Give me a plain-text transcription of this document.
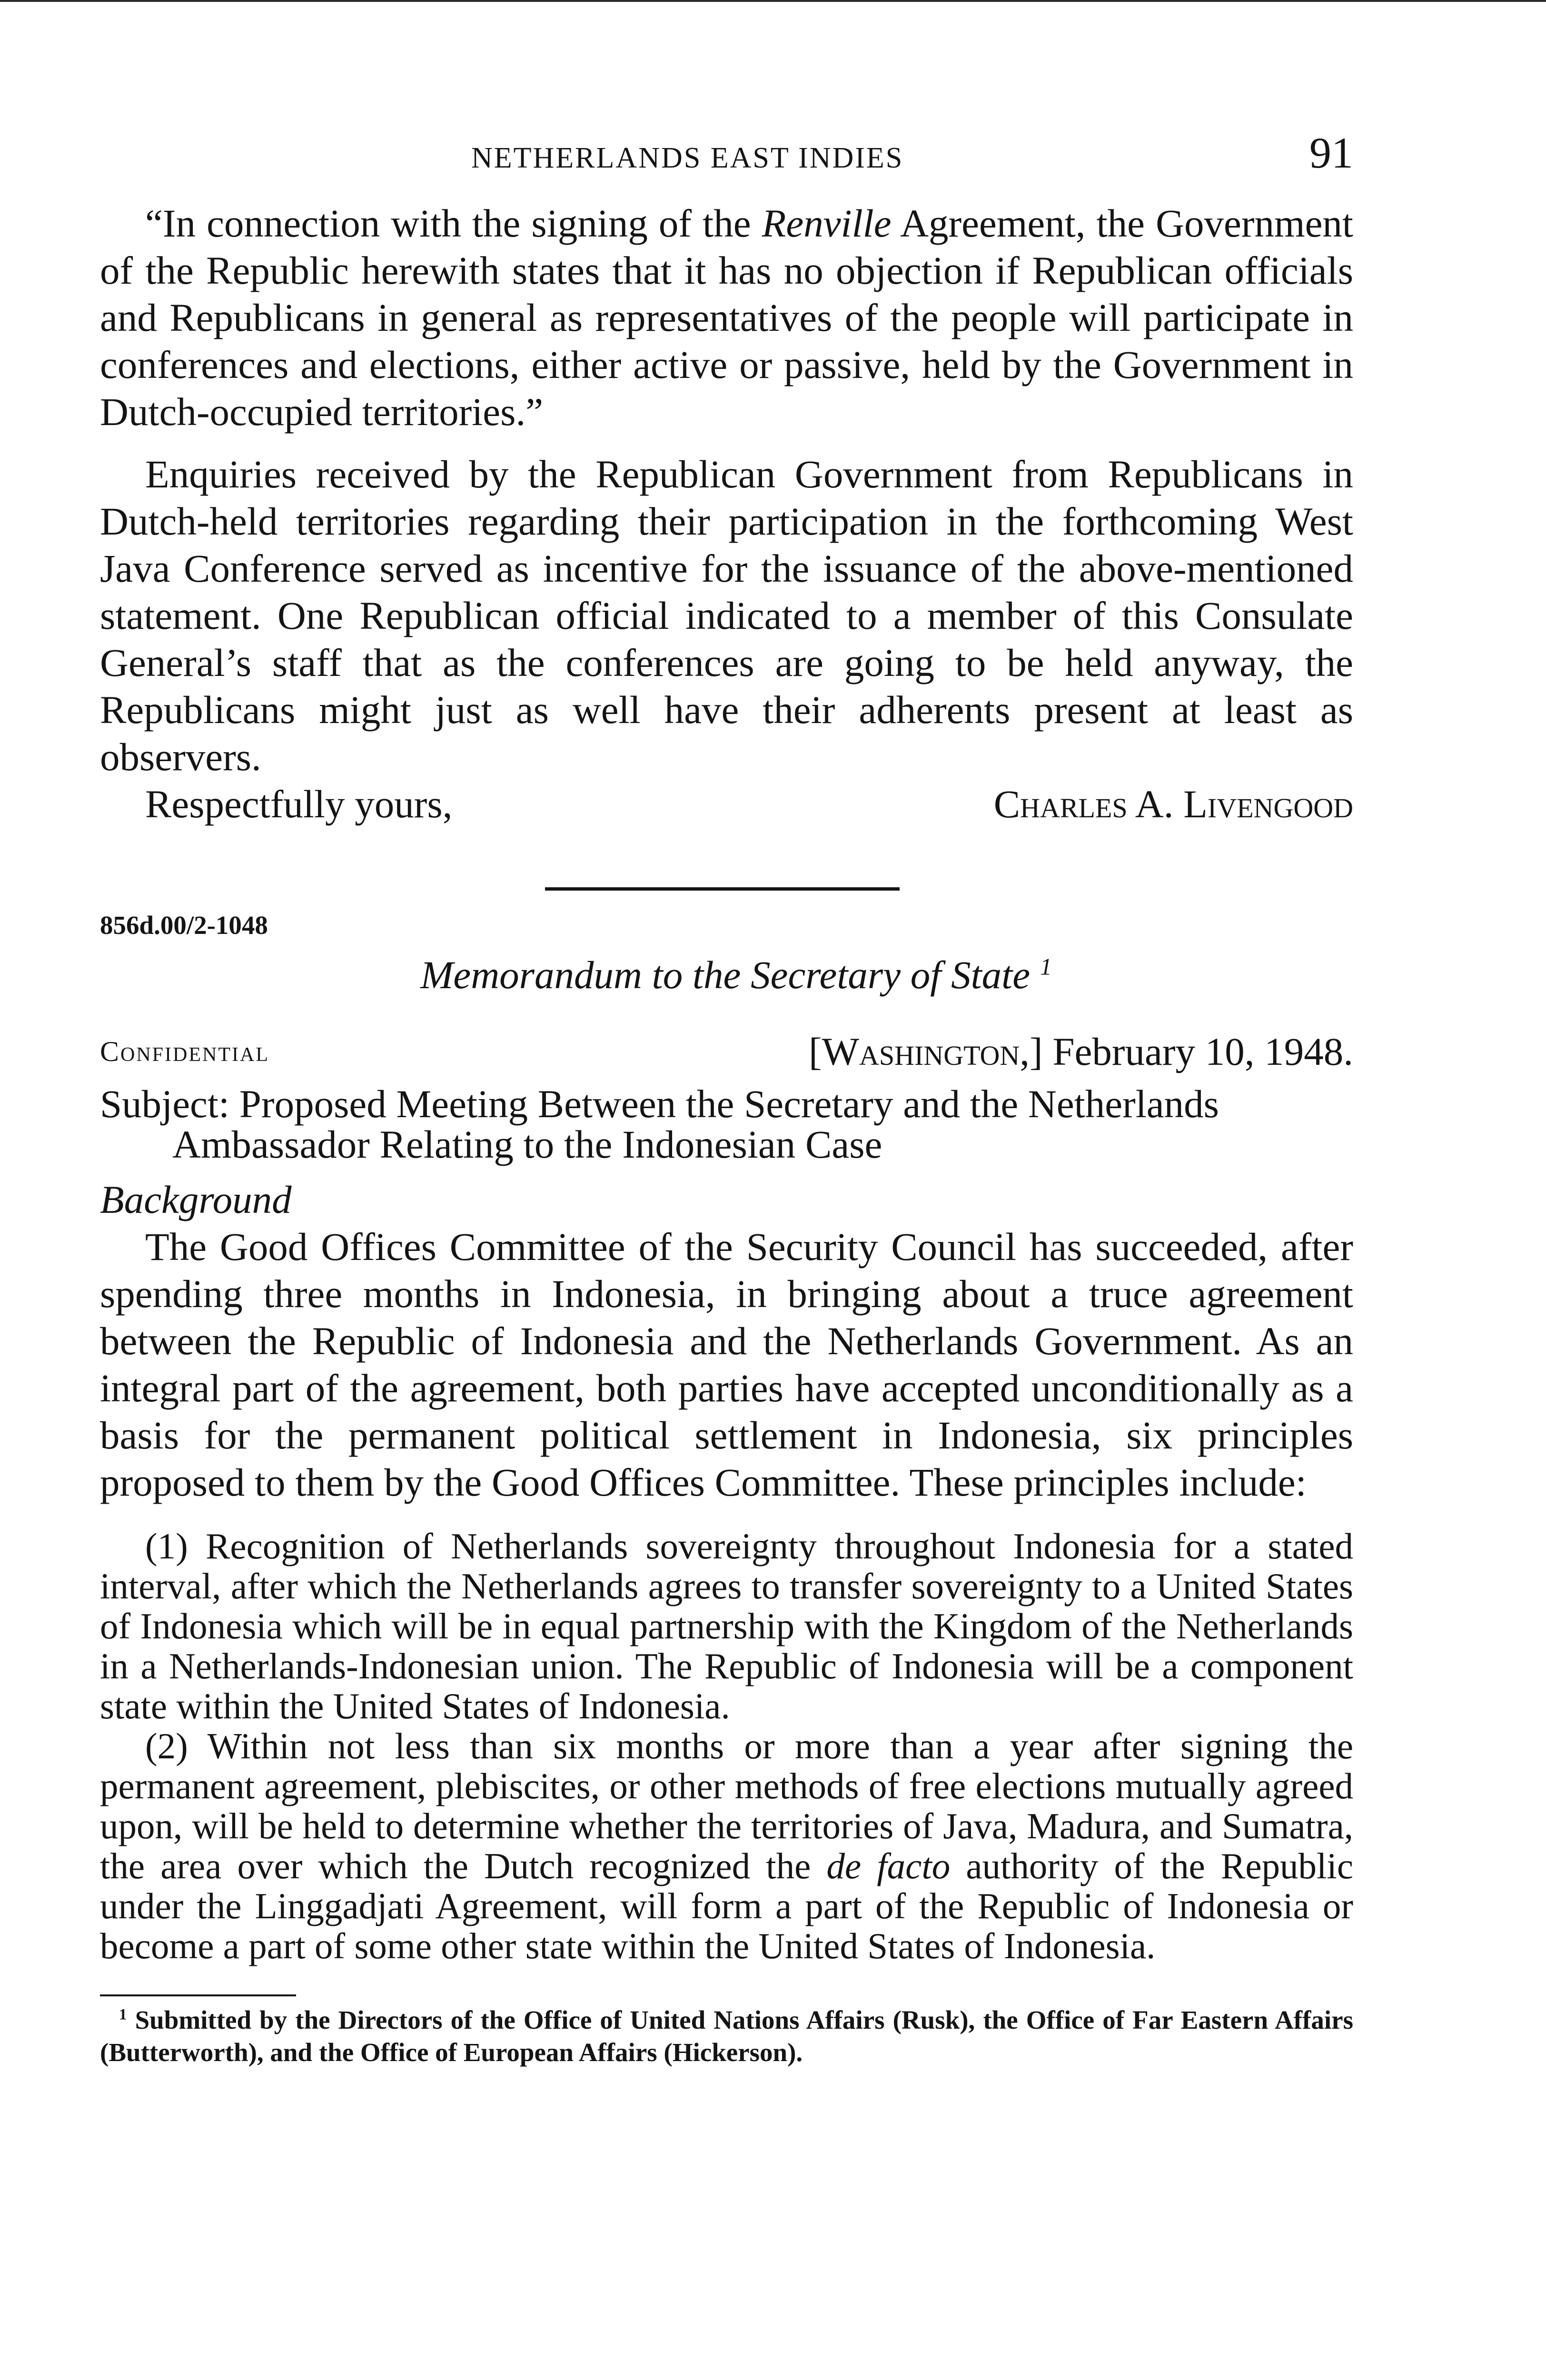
NETHERLANDS EAST INDIES	91

“In connection with the signing of the Renville Agreement, the Government of the Republic herewith states that it has no objection if Republican officials and Republicans in general as representatives of the people will participate in conferences and elections, either active or passive, held by the Government in Dutch-occupied territories.”

Enquiries received by the Republican Government from Republicans in Dutch-held territories regarding their participation in the forthcoming West Java Conference served as incentive for the issuance of the above-mentioned statement. One Republican official indicated to a member of this Consulate General’s staff that as the conferences are going to be held anyway, the Republicans might just as well have their adherents present at least as observers.

Respectfully yours,	Charles A. Livengood
856d.00/2-1048
Memorandum to the Secretary of State $^1$
Confidential	[Washington,] February 10, 1948.

Subject: Proposed Meeting Between the Secretary and the Netherlands Ambassador Relating to the Indonesian Case

Background

The Good Offices Committee of the Security Council has succeeded, after spending three months in Indonesia, in bringing about a truce agreement between the Republic of Indonesia and the Netherlands Government. As an integral part of the agreement, both parties have accepted unconditionally as a basis for the permanent political settlement in Indonesia, six principles proposed to them by the Good Offices Committee. These principles include:

(1) Recognition of Netherlands sovereignty throughout Indonesia for a stated interval, after which the Netherlands agrees to transfer sovereignty to a United States of Indonesia which will be in equal partnership with the Kingdom of the Netherlands in a Netherlands-Indonesian union. The Republic of Indonesia will be a component state within the United States of Indonesia.

(2) Within not less than six months or more than a year after signing the permanent agreement, plebiscites, or other methods of free elections mutually agreed upon, will be held to determine whether the territories of Java, Madura, and Sumatra, the area over which the Dutch recognized the de facto authority of the Republic under the Linggadjati Agreement, will form a part of the Republic of Indonesia or become a part of some other state within the United States of Indonesia.

$^1$ Submitted by the Directors of the Office of United Nations Affairs (Rusk), the Office of Far Eastern Affairs (Butterworth), and the Office of European Affairs (Hickerson).
